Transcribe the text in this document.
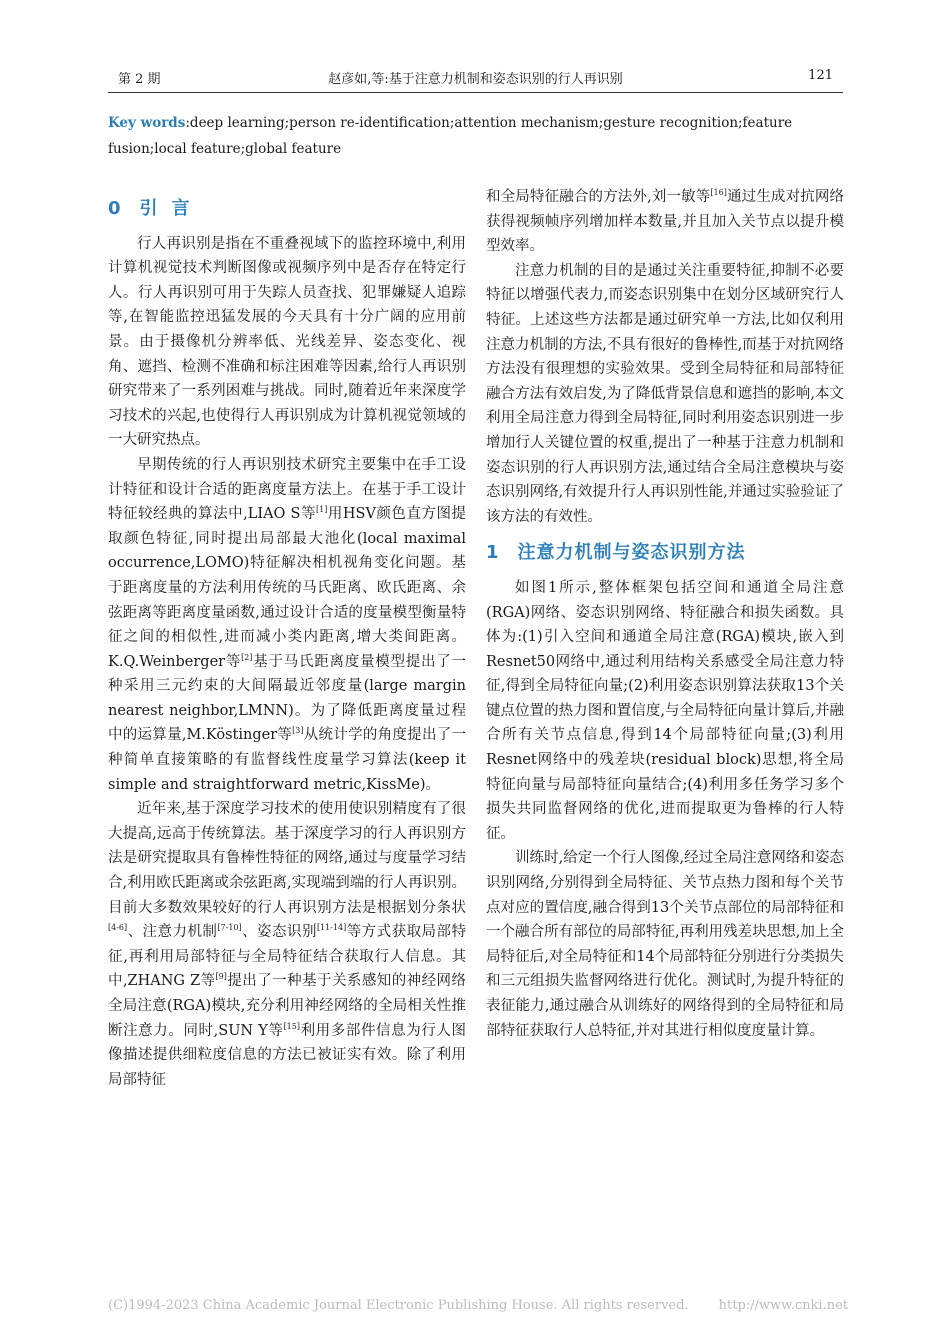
第 2 期	赵彦如,等:基于注意力机制和姿态识别的行人再识别	121
Key words:deep learning;person re-identification;attention mechanism;gesture recognition;feature fusion;local feature;global feature
0 引言

行人再识别是指在不重叠视域下的监控环境中,利用计算机视觉技术判断图像或视频序列中是否存在特定行人。行人再识别可用于失踪人员查找、犯罪嫌疑人追踪等,在智能监控迅猛发展的今天具有十分广阔的应用前景。由于摄像机分辨率低、光线差异、姿态变化、视角、遮挡、检测不准确和标注困难等因素,给行人再识别研究带来了一系列困难与挑战。同时,随着近年来深度学习技术的兴起,也使得行人再识别成为计算机视觉领域的一大研究热点。

早期传统的行人再识别技术研究主要集中在手工设计特征和设计合适的距离度量方法上。在基于手工设计特征较经典的算法中,LIAO S等[1]用HSV颜色直方图提取颜色特征,同时提出局部最大池化(local maximal occurrence,LOMO)特征解决相机视角变化问题。基于距离度量的方法利用传统的马氏距离、欧氏距离、余弦距离等距离度量函数,通过设计合适的度量模型衡量特征之间的相似性,进而减小类内距离,增大类间距离。K.Q.Weinberger等[2]基于马氏距离度量模型提出了一种采用三元约束的大间隔最近邻度量(large margin nearest neighbor,LMNN)。为了降低距离度量过程中的运算量,M.Köstinger等[3]从统计学的角度提出了一种简单直接策略的有监督线性度量学习算法(keep it simple and straightforward metric,KissMe)。

近年来,基于深度学习技术的使用使识别精度有了很大提高,远高于传统算法。基于深度学习的行人再识别方法是研究提取具有鲁棒性特征的网络,通过与度量学习结合,利用欧氏距离或余弦距离,实现端到端的行人再识别。目前大多数效果较好的行人再识别方法是根据划分条状[4-6]、注意力机制[7-10]、姿态识别[11-14]等方式获取局部特征,再利用局部特征与全局特征结合获取行人信息。其中,ZHANG Z等[9]提出了一种基于关系感知的神经网络全局注意(RGA)模块,充分利用神经网络的全局相关性推断注意力。同时,SUN Y等[15]利用多部件信息为行人图像描述提供细粒度信息的方法已被证实有效。除了利用局部特征

和全局特征融合的方法外,刘一敏等[16]通过生成对抗网络获得视频帧序列增加样本数量,并且加入关节点以提升模型效率。

注意力机制的目的是通过关注重要特征,抑制不必要特征以增强代表力,而姿态识别集中在划分区域研究行人特征。上述这些方法都是通过研究单一方法,比如仅利用注意力机制的方法,不具有很好的鲁棒性,而基于对抗网络方法没有很理想的实验效果。受到全局特征和局部特征融合方法有效启发,为了降低背景信息和遮挡的影响,本文利用全局注意力得到全局特征,同时利用姿态识别进一步增加行人关键位置的权重,提出了一种基于注意力机制和姿态识别的行人再识别方法,通过结合全局注意模块与姿态识别网络,有效提升行人再识别性能,并通过实验验证了该方法的有效性。

1 注意力机制与姿态识别方法

如图1所示,整体框架包括空间和通道全局注意(RGA)网络、姿态识别网络、特征融合和损失函数。具体为:(1)引入空间和通道全局注意(RGA)模块,嵌入到Resnet50网络中,通过利用结构关系感受全局注意力特征,得到全局特征向量;(2)利用姿态识别算法获取13个关键点位置的热力图和置信度,与全局特征向量计算后,并融合所有关节点信息,得到14个局部特征向量;(3)利用Resnet网络中的残差块(residual block)思想,将全局特征向量与局部特征向量结合;(4)利用多任务学习多个损失共同监督网络的优化,进而提取更为鲁棒的行人特征。

训练时,给定一个行人图像,经过全局注意网络和姿态识别网络,分别得到全局特征、关节点热力图和每个关节点对应的置信度,融合得到13个关节点部位的局部特征和一个融合所有部位的局部特征,再利用残差块思想,加上全局特征后,对全局特征和14个局部特征分别进行分类损失和三元组损失监督网络进行优化。测试时,为提升特征的表征能力,通过融合从训练好的网络得到的全局特征和局部特征获取行人总特征,并对其进行相似度度量计算。

(C)1994-2023 China Academic Journal Electronic Publishing House. All rights reserved. http://www.cnki.net
